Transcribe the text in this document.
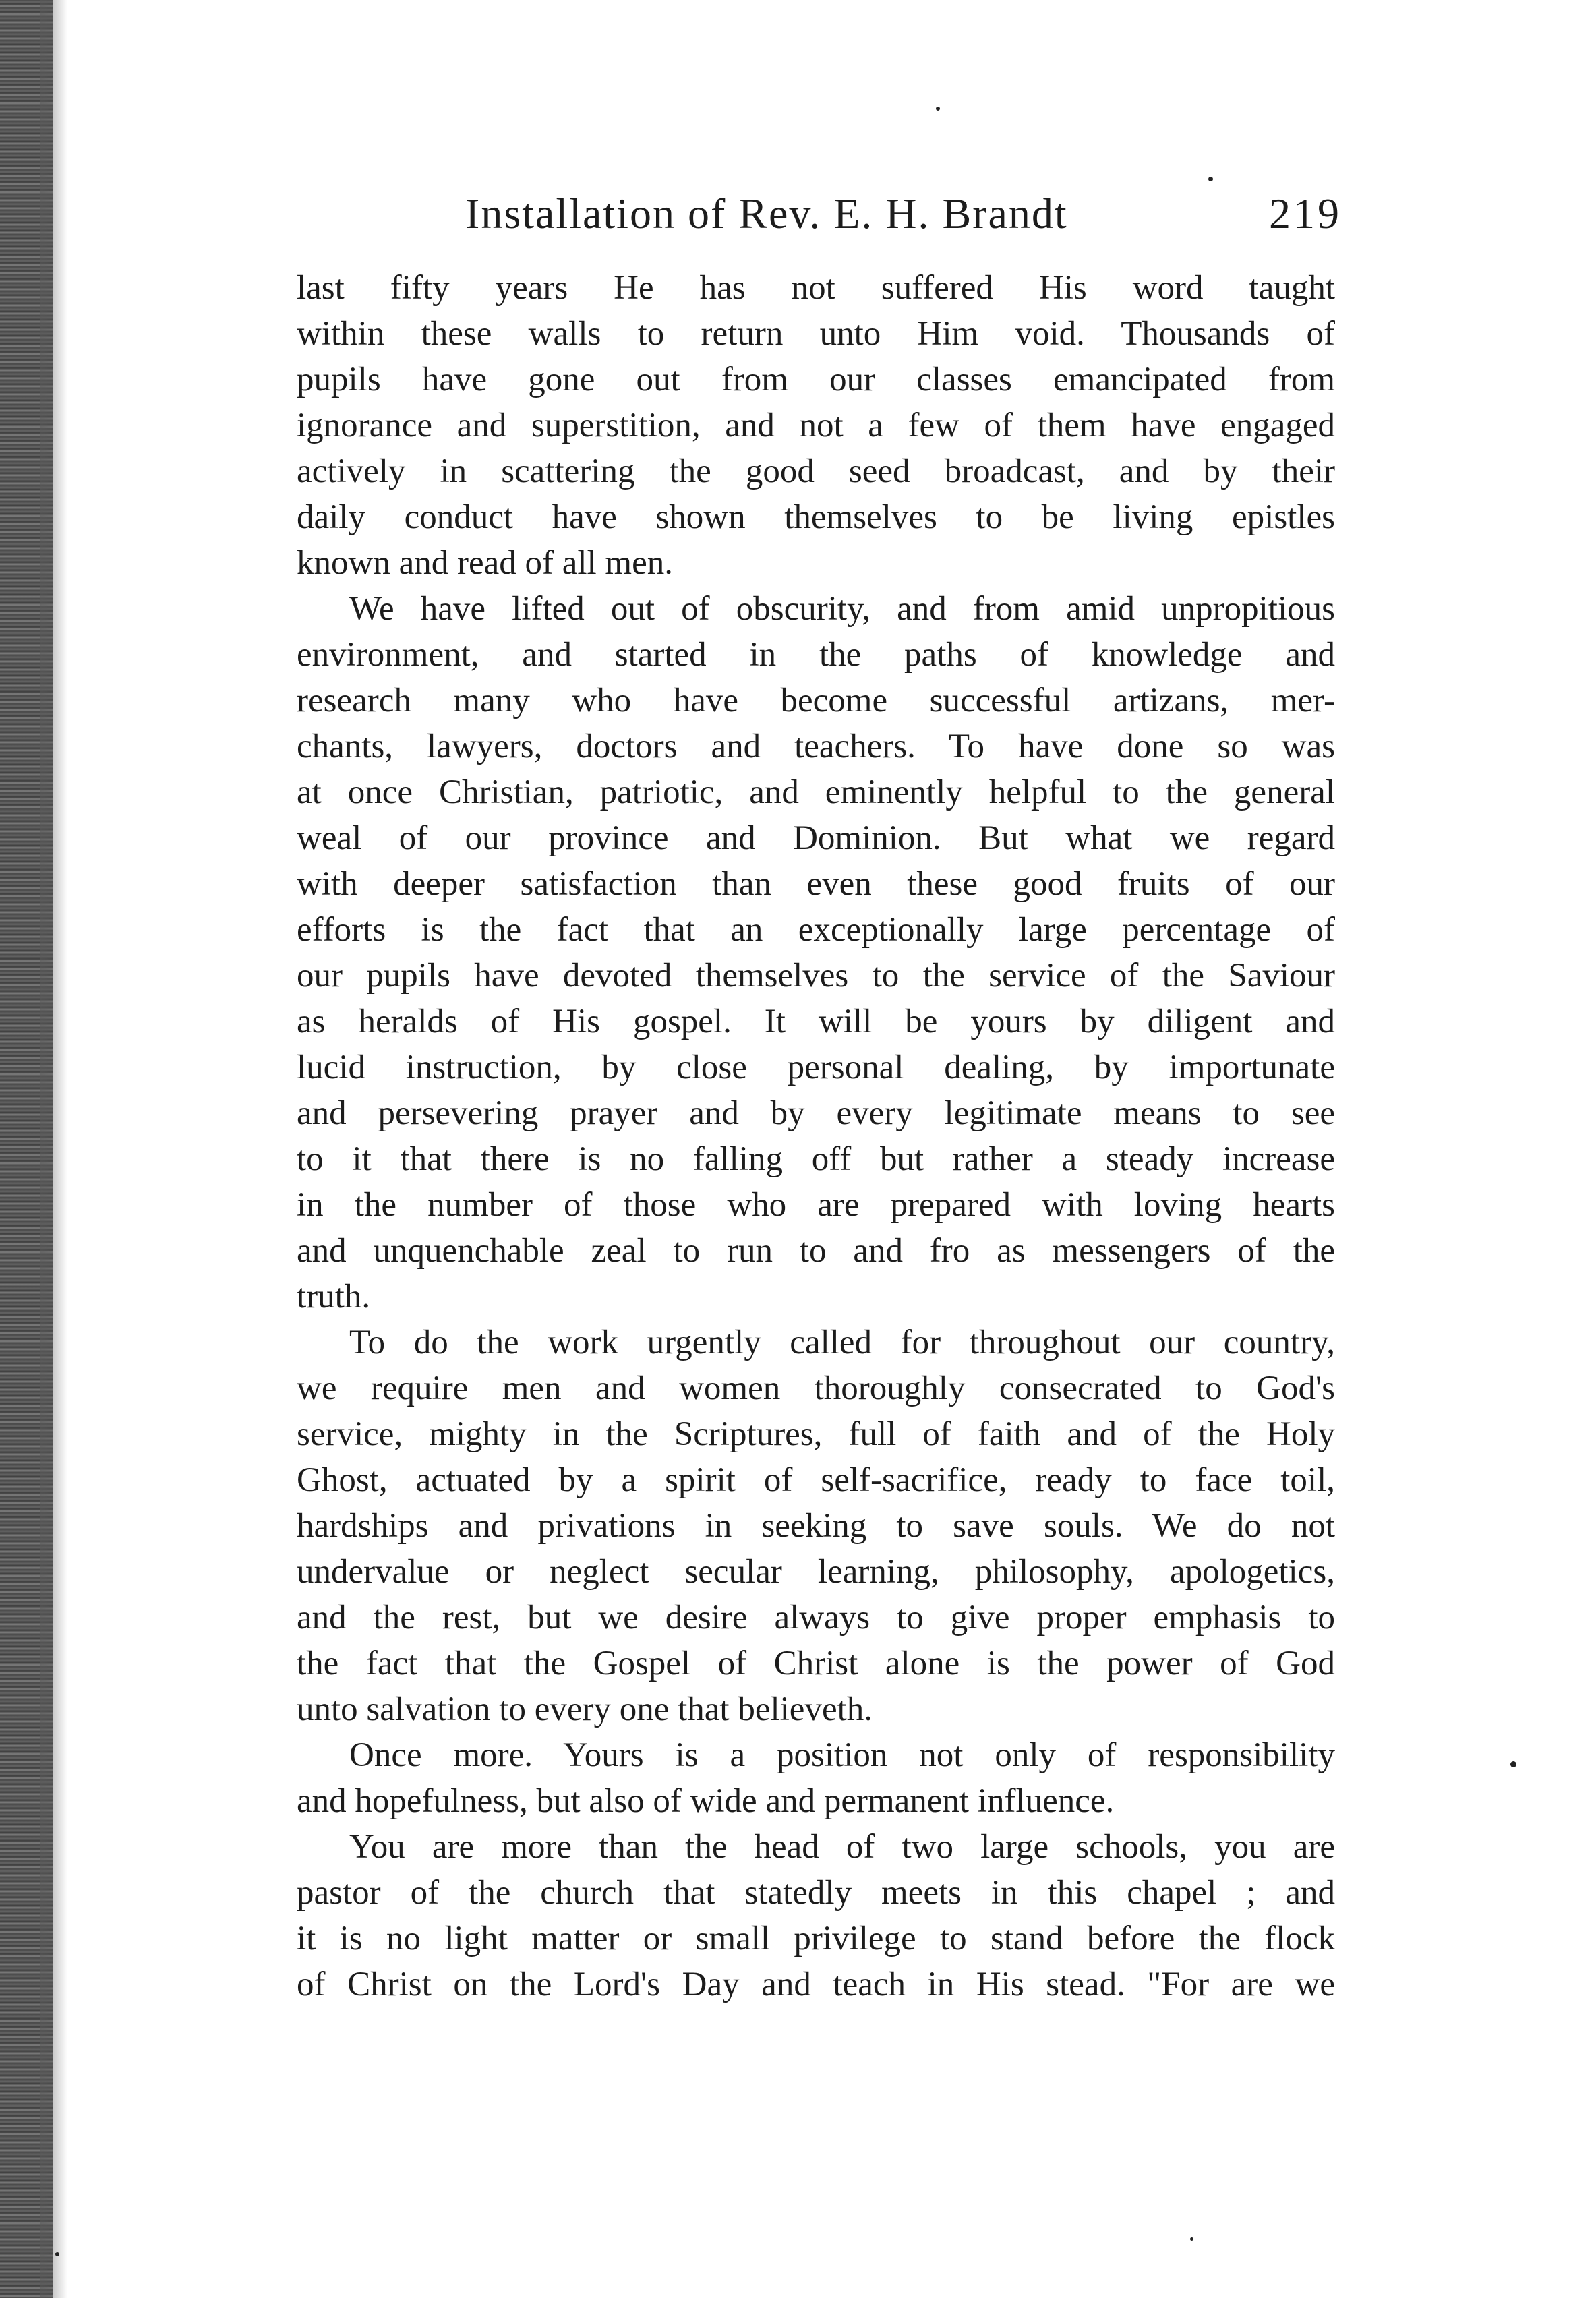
Installation of Rev. E. H. Brandt	219
last fifty years He has not suffered His word taught
within these walls to return unto Him void. Thousands of
pupils have gone out from our classes emancipated from
ignorance and superstition, and not a few of them have engaged
actively in scattering the good seed broadcast, and by their
daily conduct have shown themselves to be living epistles
known and read of all men.
We have lifted out of obscurity, and from amid unpropitious
environment, and started in the paths of knowledge and
research many who have become successful artizans, mer-
chants, lawyers, doctors and teachers. To have done so was
at once Christian, patriotic, and eminently helpful to the general
weal of our province and Dominion. But what we regard
with deeper satisfaction than even these good fruits of our
efforts is the fact that an exceptionally large percentage of
our pupils have devoted themselves to the service of the Saviour
as heralds of His gospel. It will be yours by diligent and
lucid instruction, by close personal dealing, by importunate
and persevering prayer and by every legitimate means to see
to it that there is no falling off but rather a steady increase
in the number of those who are prepared with loving hearts
and unquenchable zeal to run to and fro as messengers of the
truth.
To do the work urgently called for throughout our country,
we require men and women thoroughly consecrated to God's
service, mighty in the Scriptures, full of faith and of the Holy
Ghost, actuated by a spirit of self-sacrifice, ready to face toil,
hardships and privations in seeking to save souls. We do not
undervalue or neglect secular learning, philosophy, apologetics,
and the rest, but we desire always to give proper emphasis to
the fact that the Gospel of Christ alone is the power of God
unto salvation to every one that believeth.
Once more. Yours is a position not only of responsibility
and hopefulness, but also of wide and permanent influence.
You are more than the head of two large schools, you are
pastor of the church that statedly meets in this chapel ; and
it is no light matter or small privilege to stand before the flock
of Christ on the Lord's Day and teach in His stead. "For are we
